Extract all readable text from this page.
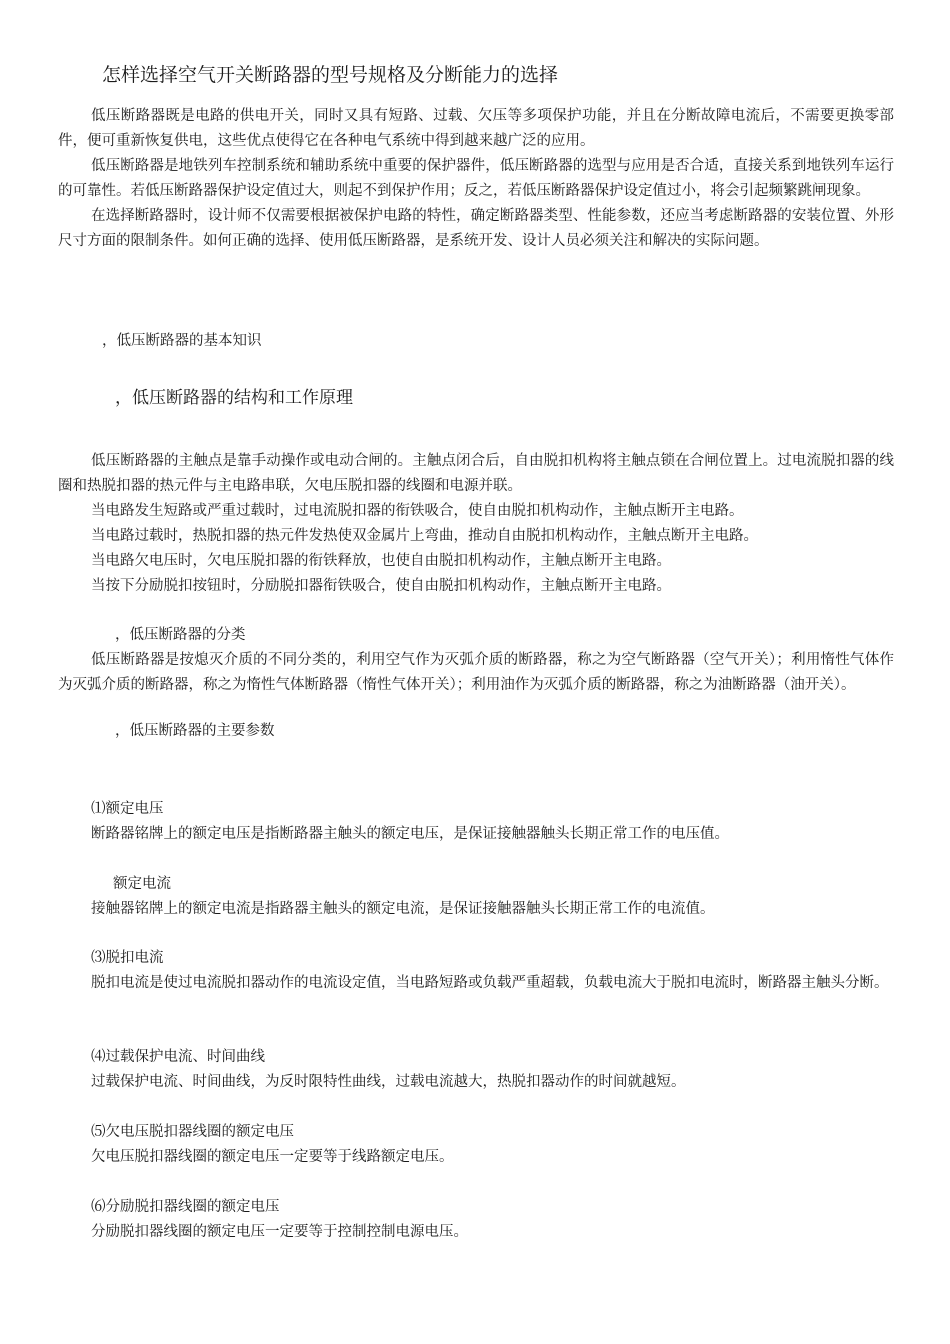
怎样选择空气开关断路器的型号规格及分断能力的选择

低压断路器既是电路的供电开关，同时又具有短路、过载、欠压等多项保护功能，并且在分断故障电流后，不需要更换零部件，便可重新恢复供电，这些优点使得它在各种电气系统中得到越来越广泛的应用。

低压断路器是地铁列车控制系统和辅助系统中重要的保护器件，低压断路器的选型与应用是否合适，直接关系到地铁列车运行的可靠性。若低压断路器保护设定值过大，则起不到保护作用；反之，若低压断路器保护设定值过小，将会引起频繁跳闸现象。

在选择断路器时，设计师不仅需要根据被保护电路的特性，确定断路器类型、性能参数，还应当考虑断路器的安装位置、外形尺寸方面的限制条件。如何正确的选择、使用低压断路器，是系统开发、设计人员必须关注和解决的实际问题。

，低压断路器的基本知识

，低压断路器的结构和工作原理

低压断路器的主触点是靠手动操作或电动合闸的。主触点闭合后，自由脱扣机构将主触点锁在合闸位置上。过电流脱扣器的线圈和热脱扣器的热元件与主电路串联，欠电压脱扣器的线圈和电源并联。

当电路发生短路或严重过载时，过电流脱扣器的衔铁吸合，使自由脱扣机构动作，主触点断开主电路。

当电路过载时，热脱扣器的热元件发热使双金属片上弯曲，推动自由脱扣机构动作，主触点断开主电路。

当电路欠电压时，欠电压脱扣器的衔铁释放，也使自由脱扣机构动作，主触点断开主电路。

当按下分励脱扣按钮时，分励脱扣器衔铁吸合，使自由脱扣机构动作，主触点断开主电路。

，低压断路器的分类

低压断路器是按熄灭介质的不同分类的，利用空气作为灭弧介质的断路器，称之为空气断路器（空气开关）；利用惰性气体作为灭弧介质的断路器，称之为惰性气体断路器（惰性气体开关）；利用油作为灭弧介质的断路器，称之为油断路器（油开关）。

，低压断路器的主要参数

⑴额定电压

断路器铭牌上的额定电压是指断路器主触头的额定电压，是保证接触器触头长期正常工作的电压值。

额定电流

接触器铭牌上的额定电流是指路器主触头的额定电流，是保证接触器触头长期正常工作的电流值。

⑶脱扣电流

脱扣电流是使过电流脱扣器动作的电流设定值，当电路短路或负载严重超载，负载电流大于脱扣电流时，断路器主触头分断。

⑷过载保护电流、时间曲线

过载保护电流、时间曲线，为反时限特性曲线，过载电流越大，热脱扣器动作的时间就越短。

⑸欠电压脱扣器线圈的额定电压

欠电压脱扣器线圈的额定电压一定要等于线路额定电压。

⑹分励脱扣器线圈的额定电压

分励脱扣器线圈的额定电压一定要等于控制控制电源电压。
